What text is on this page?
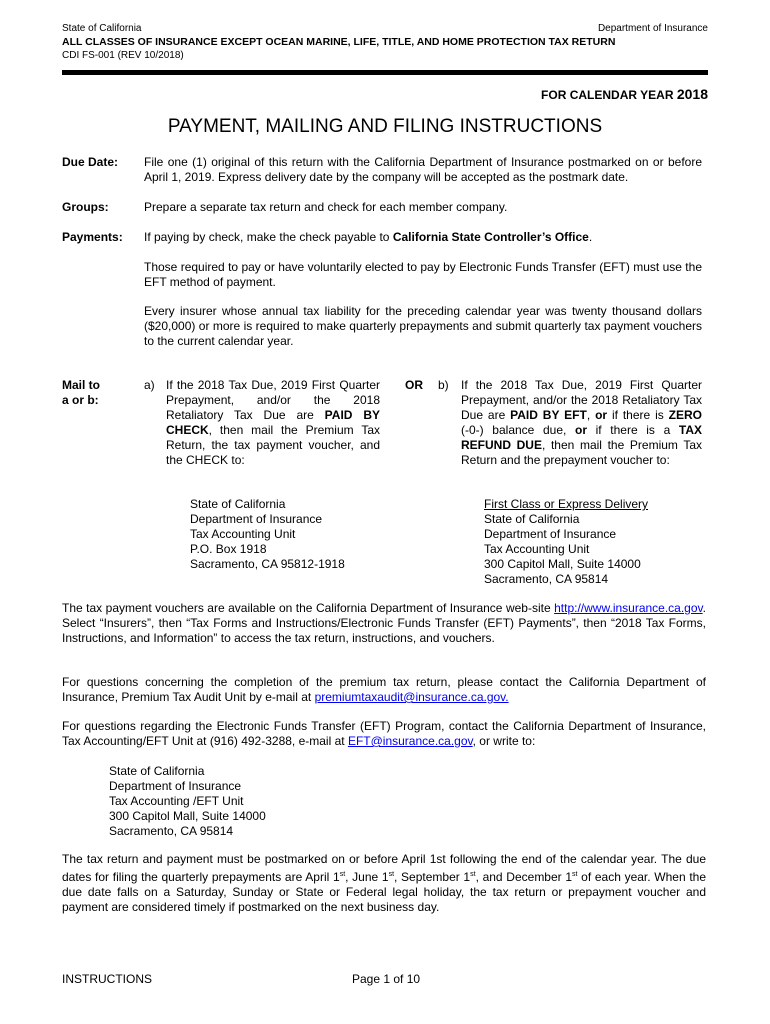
State of California	Department of Insurance
ALL CLASSES OF INSURANCE EXCEPT OCEAN MARINE, LIFE, TITLE, AND HOME PROTECTION TAX RETURN
CDI FS-001 (REV 10/2018)
FOR CALENDAR YEAR 2018
PAYMENT, MAILING AND FILING INSTRUCTIONS
Due Date: File one (1) original of this return with the California Department of Insurance postmarked on or before April 1, 2019. Express delivery date by the company will be accepted as the postmark date.
Groups:	Prepare a separate tax return and check for each member company.
Payments: If paying by check, make the check payable to California State Controller’s Office.
Those required to pay or have voluntarily elected to pay by Electronic Funds Transfer (EFT) must use the EFT method of payment.
Every insurer whose annual tax liability for the preceding calendar year was twenty thousand dollars ($20,000) or more is required to make quarterly prepayments and submit quarterly tax payment vouchers to the current calendar year.
Mail to
a or b:
a) If the 2018 Tax Due, 2019 First Quarter Prepayment, and/or the 2018 Retaliatory Tax Due are PAID BY CHECK, then mail the Premium Tax Return, the tax payment voucher, and the CHECK to:
OR b)	If the 2018 Tax Due, 2019 First Quarter Prepayment, and/or the 2018 Retaliatory Tax Due are PAID BY EFT, or if there is ZERO (-0-) balance due, or if there is a TAX REFUND DUE, then mail the Premium Tax Return and the prepayment voucher to:
State of California
Department of Insurance
Tax Accounting Unit
P.O. Box 1918
Sacramento, CA 95812-1918
First Class or Express Delivery
State of California
Department of Insurance
Tax Accounting Unit
300 Capitol Mall, Suite 14000
Sacramento, CA 95814
The tax payment vouchers are available on the California Department of Insurance web-site http://www.insurance.ca.gov. Select “Insurers”, then “Tax Forms and Instructions/Electronic Funds Transfer (EFT) Payments”, then “2018 Tax Forms, Instructions, and Information” to access the tax return, instructions, and vouchers.
For questions concerning the completion of the premium tax return, please contact the California Department of Insurance, Premium Tax Audit Unit by e-mail at premiumtaxaudit@insurance.ca.gov.
For questions regarding the Electronic Funds Transfer (EFT) Program, contact the California Department of Insurance, Tax Accounting/EFT Unit at (916) 492-3288, e-mail at EFT@insurance.ca.gov, or write to:
State of California
Department of Insurance
Tax Accounting /EFT Unit
300 Capitol Mall, Suite 14000
Sacramento, CA 95814
The tax return and payment must be postmarked on or before April 1st following the end of the calendar year. The due dates for filing the quarterly prepayments are April 1st, June 1st, September 1st, and December 1st of each year. When the due date falls on a Saturday, Sunday or State or Federal legal holiday, the tax return or prepayment voucher and payment are considered timely if postmarked on the next business day.
INSTRUCTIONS	Page 1 of 10
